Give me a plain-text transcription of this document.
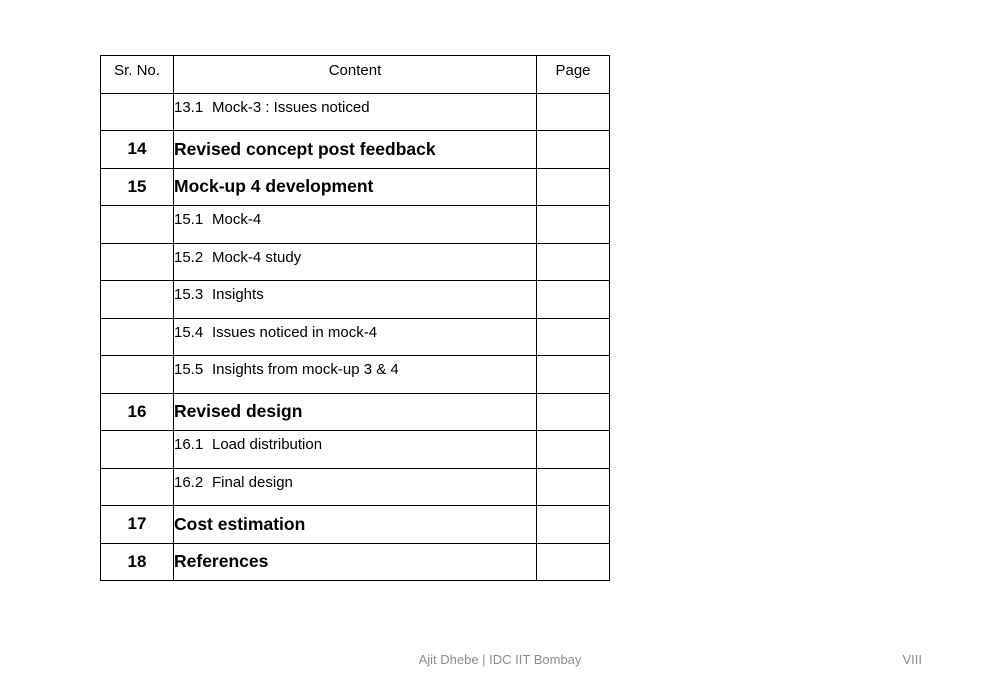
Sr. No.	Content	Page
	13.1 Mock-3 : Issues noticed	
14	Revised concept post feedback	
15	Mock-up 4 development	
	15.1 Mock-4	
	15.2 Mock-4 study	
	15.3 Insights	
	15.4 Issues noticed in mock-4	
	15.5 Insights from mock-up 3 & 4	
16	Revised design	
	16.1 Load distribution	
	16.2 Final design	
17	Cost estimation	
18	References	
Ajit Dhebe | IDC IIT Bombay	VIII
